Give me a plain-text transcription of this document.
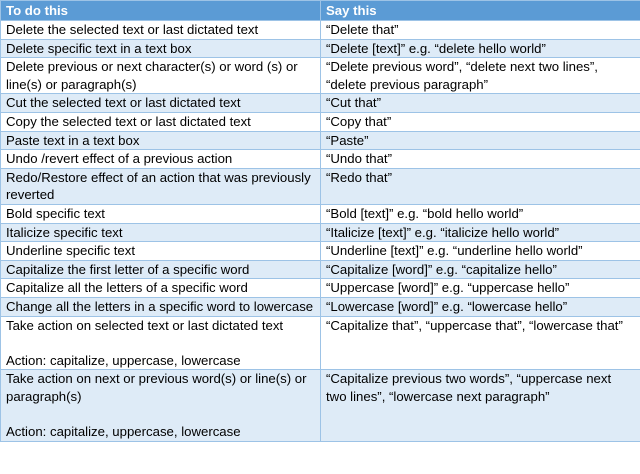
To do this	Say this
Delete the selected text or last dictated text	“Delete that”
Delete specific text in a text box	“Delete [text]” e.g. “delete hello world”
Delete previous or next character(s) or word (s) or line(s) or paragraph(s)	“Delete previous word”, “delete next two lines”, “delete previous paragraph”
Cut the selected text or last dictated text	“Cut that”
Copy the selected text or last dictated text	“Copy that”
Paste text in a text box	“Paste”
Undo /revert effect of a previous action	“Undo that”
Redo/Restore effect of an action that was previously reverted	“Redo that”
Bold specific text	“Bold [text]” e.g. “bold hello world”
Italicize specific text	“Italicize [text]” e.g. “italicize hello world”
Underline specific text	“Underline [text]” e.g. “underline hello world”
Capitalize the first letter of a specific word	“Capitalize [word]” e.g. “capitalize hello”
Capitalize all the letters of a specific word	“Uppercase [word]” e.g. “uppercase hello”
Change all the letters in a specific word to lowercase	“Lowercase [word]” e.g. “lowercase hello”

Take action on selected text or last dictated text
Action: capitalize, uppercase, lowercase	“Capitalize that”, “uppercase that”, “lowercase that”

Take action on next or previous word(s) or line(s) or paragraph(s)
Action: capitalize, uppercase, lowercase	“Capitalize previous two words”, “uppercase next two lines”, “lowercase next paragraph”
